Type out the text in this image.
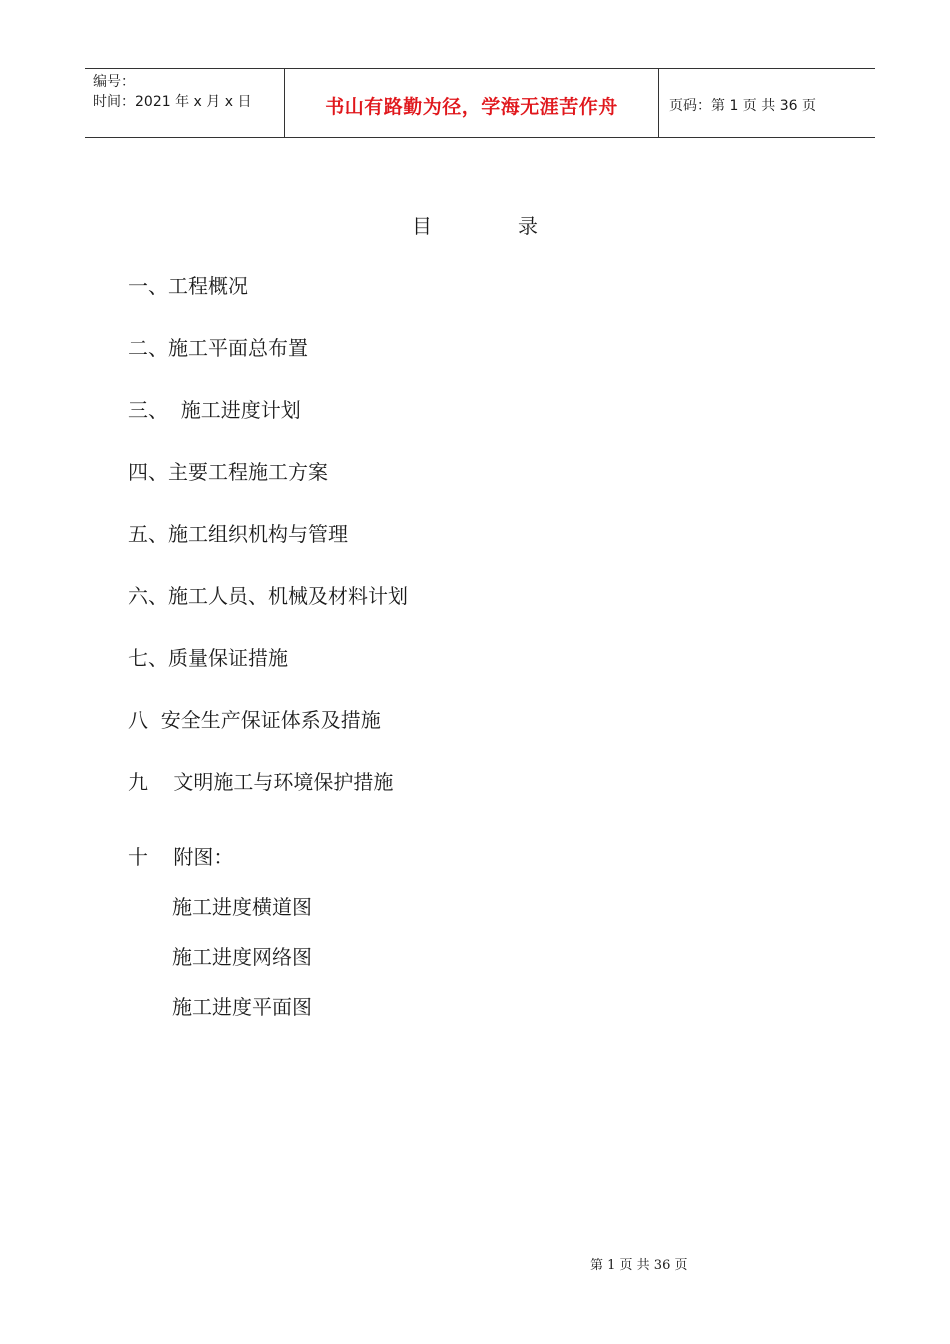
编号：
时间：2021 年 x 月 x 日	书山有路勤为径，学海无涯苦作舟	页码：第 1 页 共 36 页
目	录
一、工程概况
二、施工平面总布置
三、  施工进度计划
四、主要工程施工方案
五、施工组织机构与管理
六、施工人员、机械及材料计划
七、质量保证措施
八  安全生产保证体系及措施
九    文明施工与环境保护措施
十    附图：
施工进度横道图
施工进度网络图
施工进度平面图
第 1 页 共 36 页
